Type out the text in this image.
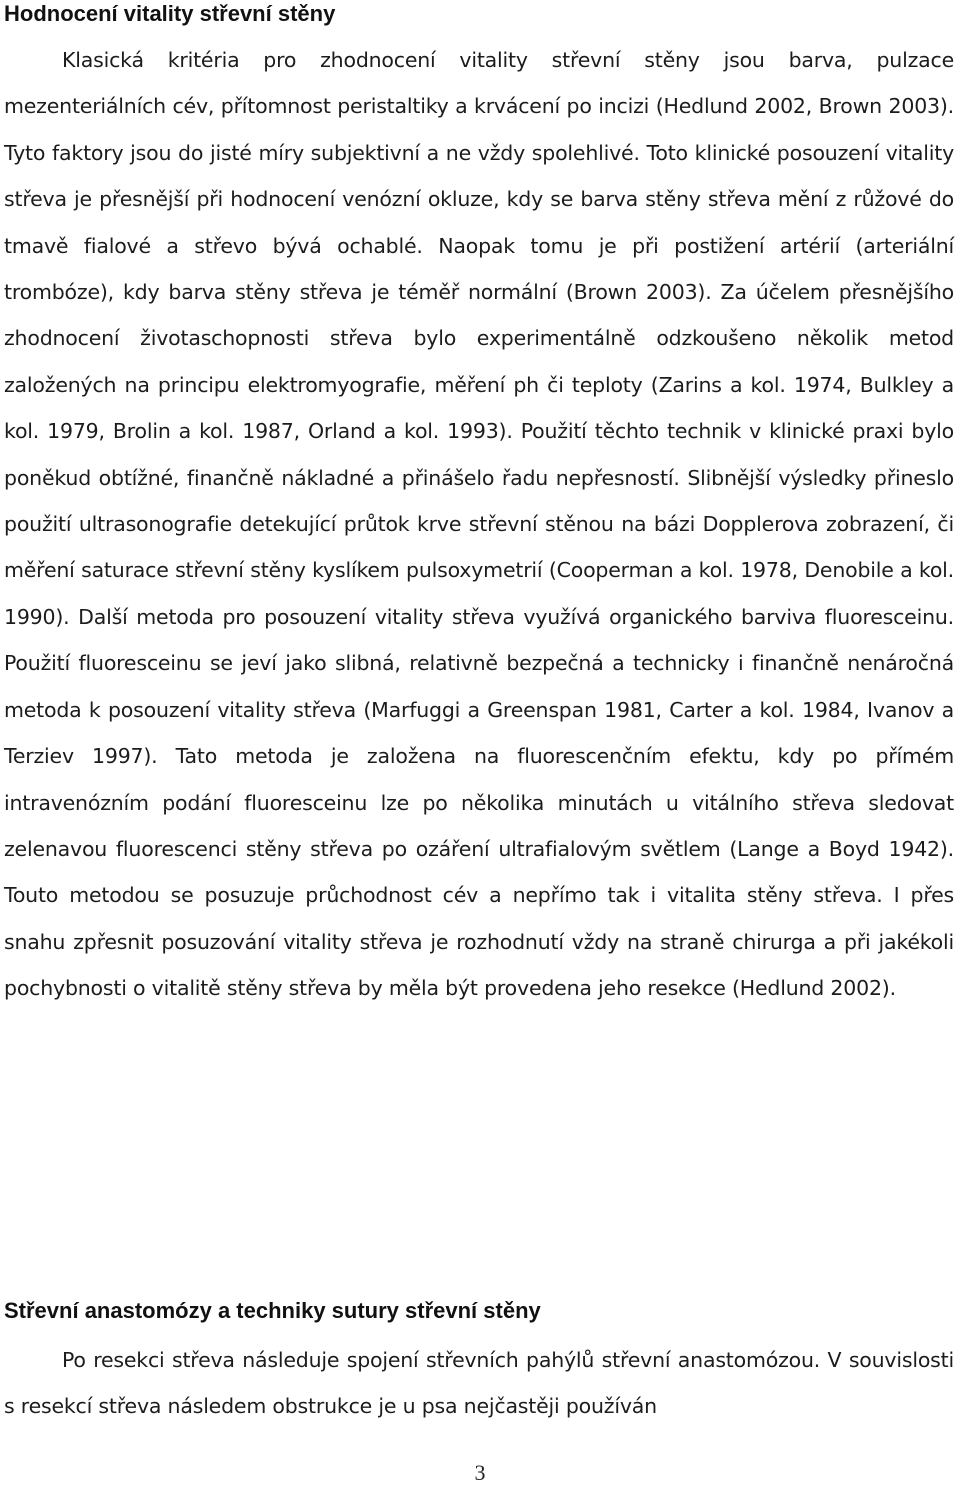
Hodnocení vitality střevní stěny

Klasická kritéria pro zhodnocení vitality střevní stěny jsou barva, pulzace mezenteriálních cév, přítomnost peristaltiky a krvácení po incizi (Hedlund 2002, Brown 2003). Tyto faktory jsou do jisté míry subjektivní a ne vždy spolehlivé. Toto klinické posouzení vitality střeva je přesnější při hodnocení venózní okluze, kdy se barva stěny střeva mění z růžové do tmavě fialové a střevo bývá ochablé. Naopak tomu je při postižení artérií (arteriální trombóze), kdy barva stěny střeva je téměř normální (Brown 2003). Za účelem přesnějšího zhodnocení životaschopnosti střeva bylo experimentálně odzkoušeno několik metod založených na principu elektromyografie, měření ph či teploty (Zarins a kol. 1974, Bulkley a kol. 1979, Brolin a kol. 1987, Orland a kol. 1993). Použití těchto technik v klinické praxi bylo poněkud obtížné, finančně nákladné a přinášelo řadu nepřesností. Slibnější výsledky přineslo použití ultrasonografie detekující průtok krve střevní stěnou na bázi Dopplerova zobrazení, či měření saturace střevní stěny kyslíkem pulsoxymetrií (Cooperman a kol. 1978, Denobile a kol. 1990). Další metoda pro posouzení vitality střeva využívá organického barviva fluoresceinu. Použití fluoresceinu se jeví jako slibná, relativně bezpečná a technicky i finančně nenáročná metoda k posouzení vitality střeva (Marfuggi a Greenspan 1981, Carter a kol. 1984, Ivanov a Terziev 1997). Tato metoda je založena na fluorescenčním efektu, kdy po přímém intravenózním podání fluoresceinu lze po několika minutách u vitálního střeva sledovat zelenavou fluorescenci stěny střeva po ozáření ultrafialovým světlem (Lange a Boyd 1942). Touto metodou se posuzuje průchodnost cév a nepřímo tak i vitalita stěny střeva. I přes snahu zpřesnit posuzování vitality střeva je rozhodnutí vždy na straně chirurga a při jakékoli pochybnosti o vitalitě stěny střeva by měla být provedena jeho resekce (Hedlund 2002).

Střevní anastomózy a techniky sutury střevní stěny

Po resekci střeva následuje spojení střevních pahýlů střevní anastomózou. V souvislosti s resekcí střeva následem obstrukce je u psa nejčastěji používán

3
